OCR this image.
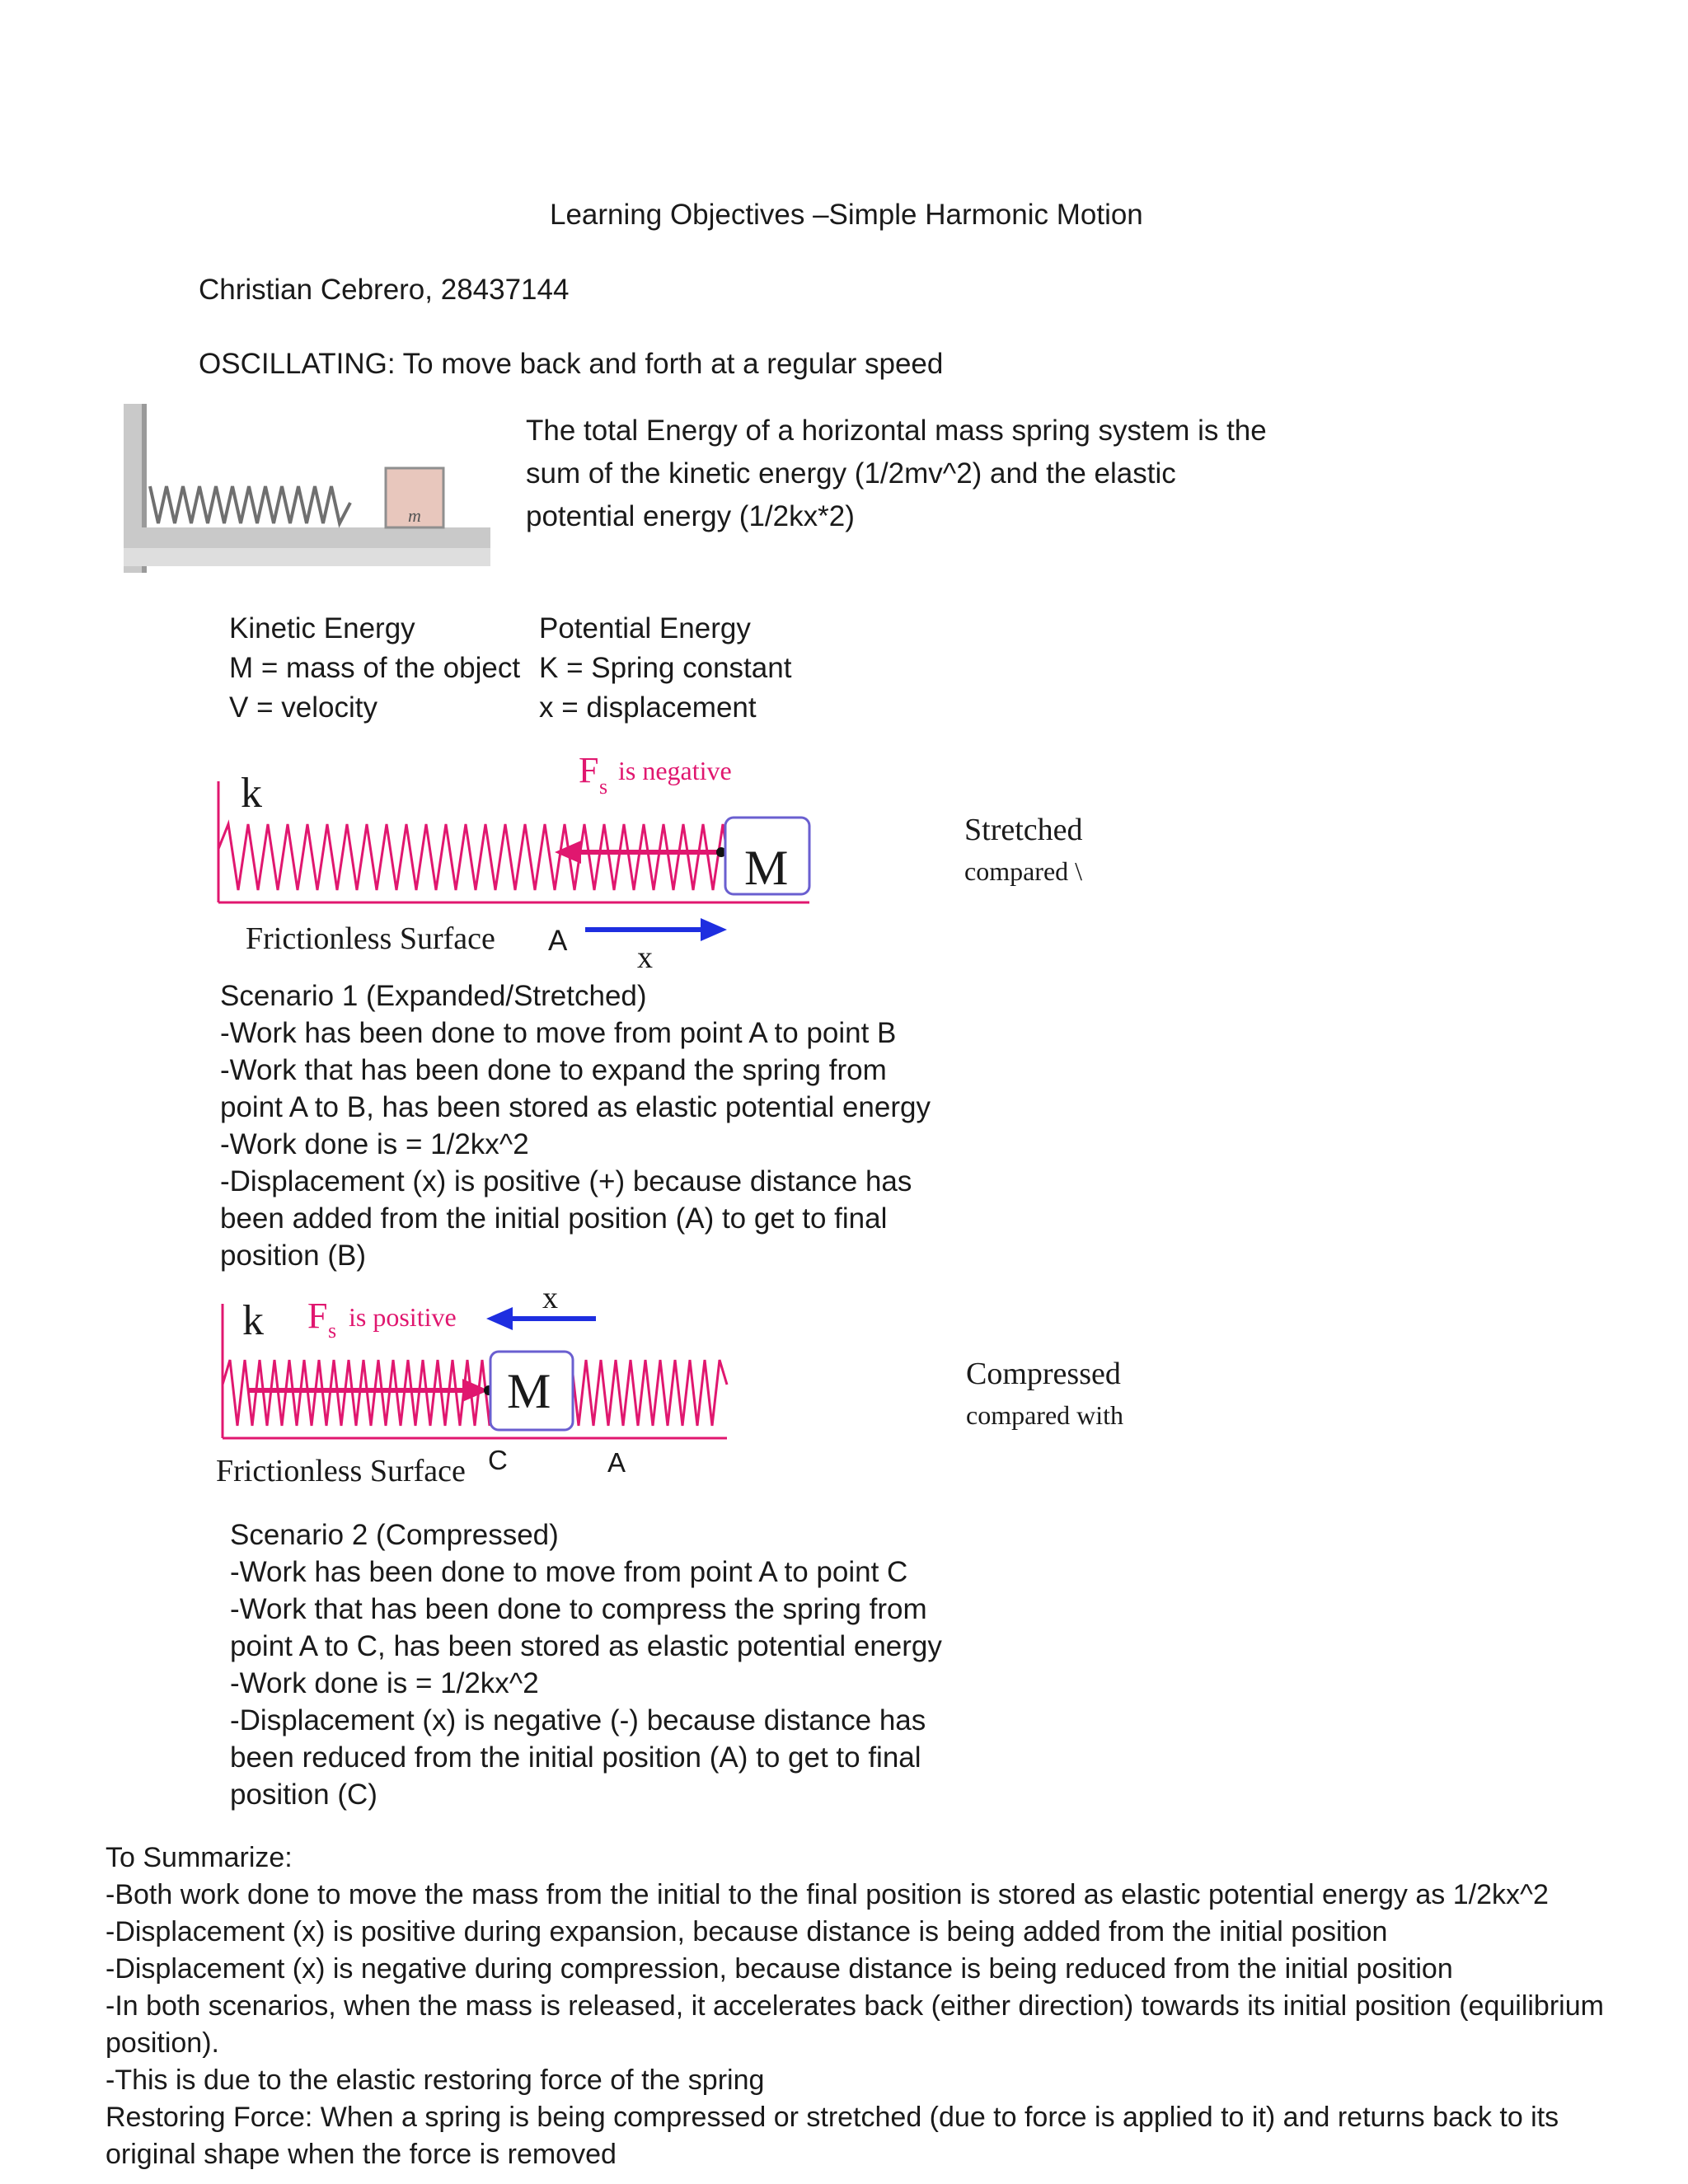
Learning Objectives –Simple Harmonic Motion
Christian Cebrero, 28437144
OSCILLATING: To move back and forth at a regular speed
m
The total Energy of a horizontal mass spring system is the
sum of the kinetic energy (1/2mv^2) and the elastic
potential energy (1/2kx*2)
Kinetic Energy
M = mass of the object
V = velocity
Potential Energy
K = Spring constant
x = displacement
k	F s
is negative
M
Frictionless Surface A x
Stretched
compared \
Scenario 1 (Expanded/Stretched)
-Work has been done to move from point A to point B
-Work that has been done to expand the spring from
point A to B, has been stored as elastic potential energy
-Work done is = 1/2kx^2
-Displacement (x) is positive (+) because distance has
been added from the initial position (A) to get to final
position (B)
k F s is positive
x
M
Frictionless Surface C	A
Compressed
compared with
Scenario 2 (Compressed)
-Work has been done to move from point A to point C
-Work that has been done to compress the spring from
point A to C, has been stored as elastic potential energy
-Work done is = 1/2kx^2
-Displacement (x) is negative (-) because distance has
been reduced from the initial position (A) to get to final
position (C)
To Summarize:
-Both work done to move the mass from the initial to the final position is stored as elastic potential energy as 1/2kx^2
-Displacement (x) is positive during expansion, because distance is being added from the initial position
-Displacement (x) is negative during compression, because distance is being reduced from the initial position
-In both scenarios, when the mass is released, it accelerates back (either direction) towards its initial position (equilibrium
position).
-This is due to the elastic restoring force of the spring
Restoring Force: When a spring is being compressed or stretched (due to force is applied to it) and returns back to its
original shape when the force is removed
